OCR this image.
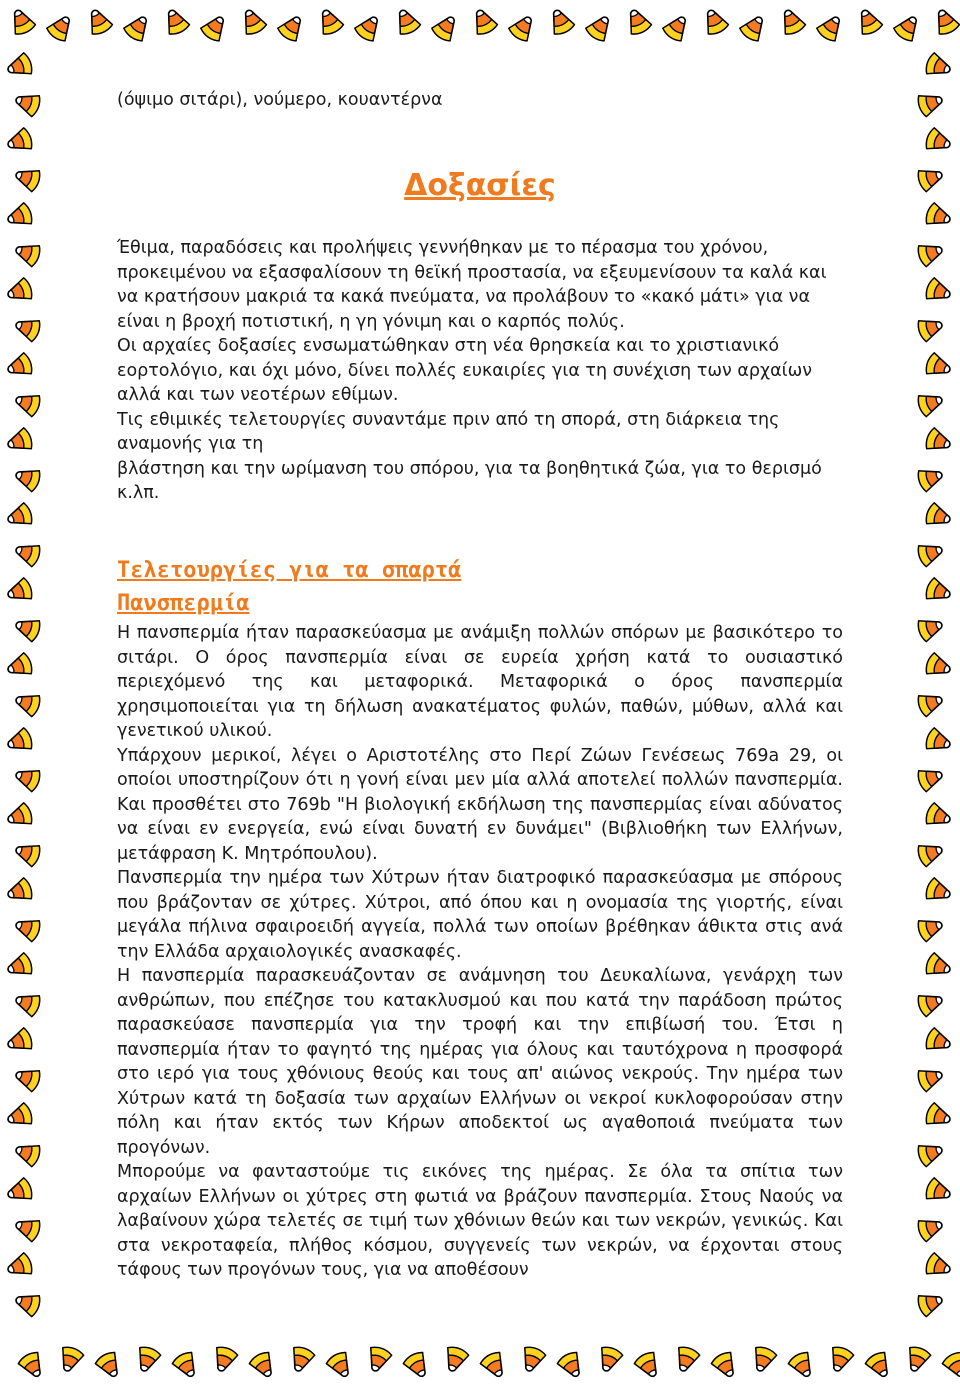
(όψιμο σιτάρι), νούμερο, κουαντέρνα
Δοξασίες

Έθιμα, παραδόσεις και προλήψεις γεννήθηκαν με το πέρασμα του χρόνου, προκειμένου να εξασφαλίσουν τη θεϊκή προστασία, να εξευμενίσουν τα καλά και να κρατήσουν μακριά τα κακά πνεύματα, να προλάβουν το «κακό μάτι» για να είναι η βροχή ποτιστική, η γη γόνιμη και ο καρπός πολύς.

Οι αρχαίες δοξασίες ενσωματώθηκαν στη νέα θρησκεία και το χριστιανικό εορτολόγιο, και όχι μόνο, δίνει πολλές ευκαιρίες για τη συνέχιση των αρχαίων αλλά και των νεοτέρων εθίμων.

Τις εθιμικές τελετουργίες συναντάμε πριν από τη σπορά, στη διάρκεια της αναμονής για τη

βλάστηση και την ωρίμανση του σπόρου, για τα βοηθητικά ζώα, για το θερισμό κ.λπ.

Τελετουργίες για τα σπαρτά
Πανσπερμία

Η πανσπερμία ήταν παρασκεύασμα με ανάμιξη πολλών σπόρων με βασικότερο το σιτάρι. Ο όρος πανσπερμία είναι σε ευρεία χρήση κατά το ουσιαστικό περιεχόμενό της και μεταφορικά. Μεταφορικά ο όρος πανσπερμία χρησιμοποιείται για τη δήλωση ανακατέματος φυλών, παθών, μύθων, αλλά και γενετικού υλικού.

Υπάρχουν μερικοί, λέγει ο Αριστοτέλης στο Περί Ζώων Γενέσεως 769a 29, οι οποίοι υποστηρίζουν ότι η γονή είναι μεν μία αλλά αποτελεί πολλών πανσπερμία. Και προσθέτει στο 769b "Η βιολογική εκδήλωση της πανσπερμίας είναι αδύνατος να είναι εν ενεργεία, ενώ είναι δυνατή εν δυνάμει" (Βιβλιοθήκη των Ελλήνων, μετάφραση Κ. Μητρόπουλου).

Πανσπερμία την ημέρα των Χύτρων ήταν διατροφικό παρασκεύασμα με σπόρους που βράζονταν σε χύτρες. Χύτροι, από όπου και η ονομασία της γιορτής, είναι μεγάλα πήλινα σφαιροειδή αγγεία, πολλά των οποίων βρέθηκαν άθικτα στις ανά την Ελλάδα αρχαιολογικές ανασκαφές.

Η πανσπερμία παρασκευάζονταν σε ανάμνηση του Δευκαλίωνα, γενάρχη των ανθρώπων, που επέζησε του κατακλυσμού και που κατά την παράδοση πρώτος παρασκεύασε πανσπερμία για την τροφή και την επιβίωσή του. Έτσι η πανσπερμία ήταν το φαγητό της ημέρας για όλους και ταυτόχρονα η προσφορά στο ιερό για τους χθόνιους θεούς και τους απ' αιώνος νεκρούς. Την ημέρα των Χύτρων κατά τη δοξασία των αρχαίων Ελλήνων οι νεκροί κυκλοφορούσαν στην πόλη και ήταν εκτός των Κήρων αποδεκτοί ως αγαθοποιά πνεύματα των προγόνων.

Μπορούμε να φανταστούμε τις εικόνες της ημέρας. Σε όλα τα σπίτια των αρχαίων Ελλήνων οι χύτρες στη φωτιά να βράζουν πανσπερμία. Στους Ναούς να λαβαίνουν χώρα τελετές σε τιμή των χθόνιων θεών και των νεκρών, γενικώς. Και στα νεκροταφεία, πλήθος κόσμου, συγγενείς των νεκρών, να έρχονται στους τάφους των προγόνων τους, για να αποθέσουν
